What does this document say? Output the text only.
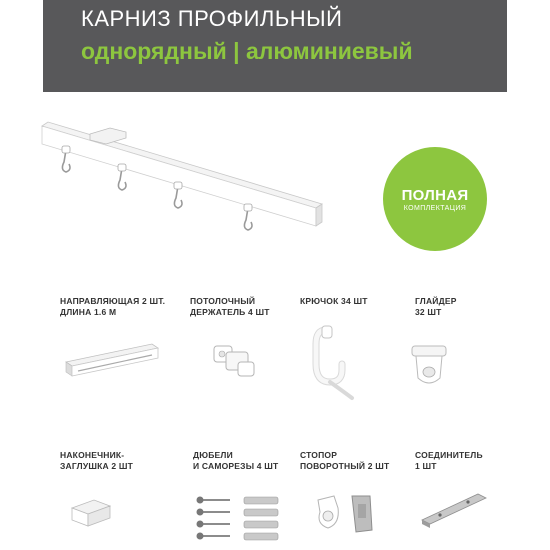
КАРНИЗ ПРОФИЛЬНЫЙ
однорядный | алюминиевый
ПОЛНАЯ
КОМПЛЕКТАЦИЯ
НАПРАВЛЯЮЩАЯ 2 ШТ.
ДЛИНА 1.6 М
ПОТОЛОЧНЫЙ
ДЕРЖАТЕЛЬ 4 ШТ
КРЮЧОК 34 ШТ	ГЛАЙДЕР
32 ШТ
НАКОНЕЧНИК-
ЗАГЛУШКА 2 ШТ
ДЮБЕЛИ
И САМОРЕЗЫ 4 ШТ
СТОПОР
ПОВОРОТНЫЙ 2 ШТ
СОЕДИНИТЕЛЬ
1 ШТ
